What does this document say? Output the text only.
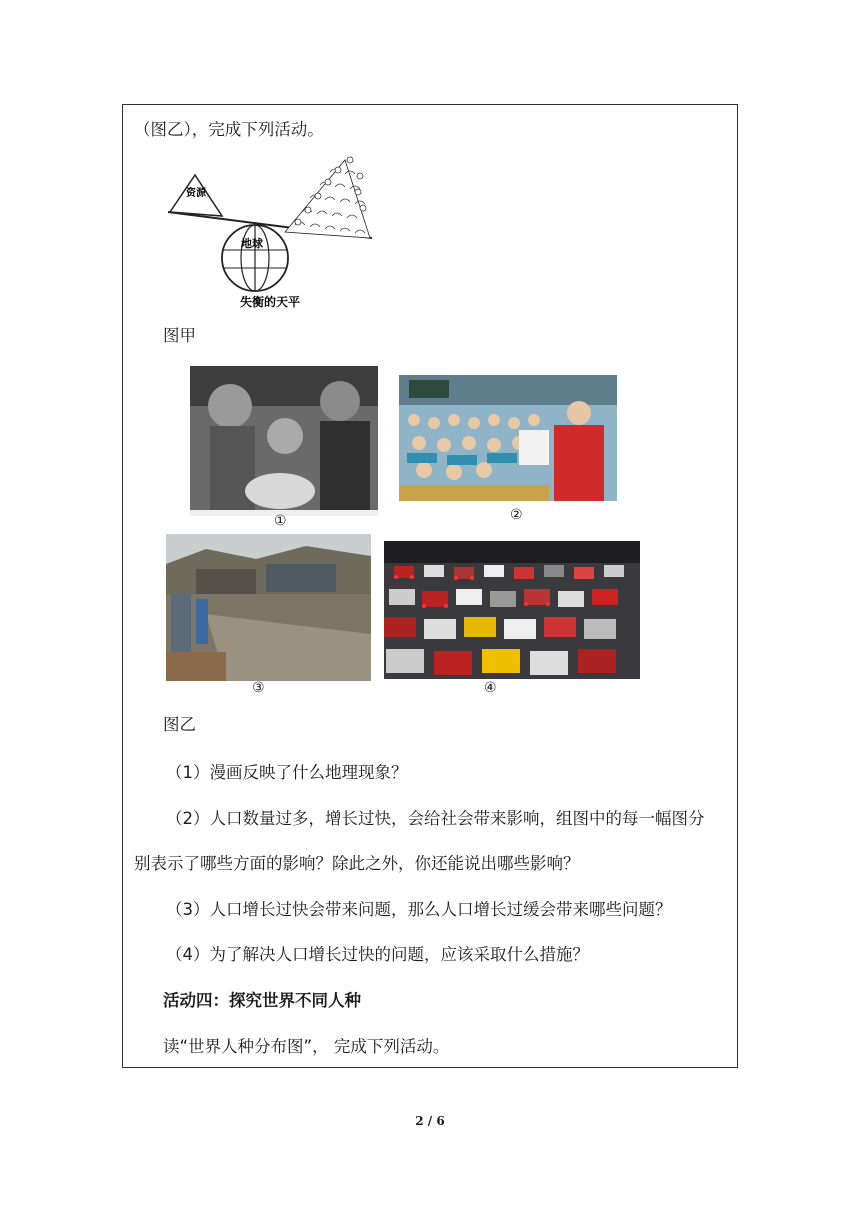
（图乙），完成下列活动。
资源
地球
失衡的天平
图甲
①	②
③	④
图乙
（1）漫画反映了什么地理现象？
（2）人口数量过多，增长过快，会给社会带来影响，组图中的每一幅图分
别表示了哪些方面的影响？除此之外，你还能说出哪些影响？
（3）人口增长过快会带来问题，那么人口增长过缓会带来哪些问题？
（4）为了解决人口增长过快的问题，应该采取什么措施？
活动四：探究世界不同人种
读“世界人种分布图”， 完成下列活动。
2 / 6
